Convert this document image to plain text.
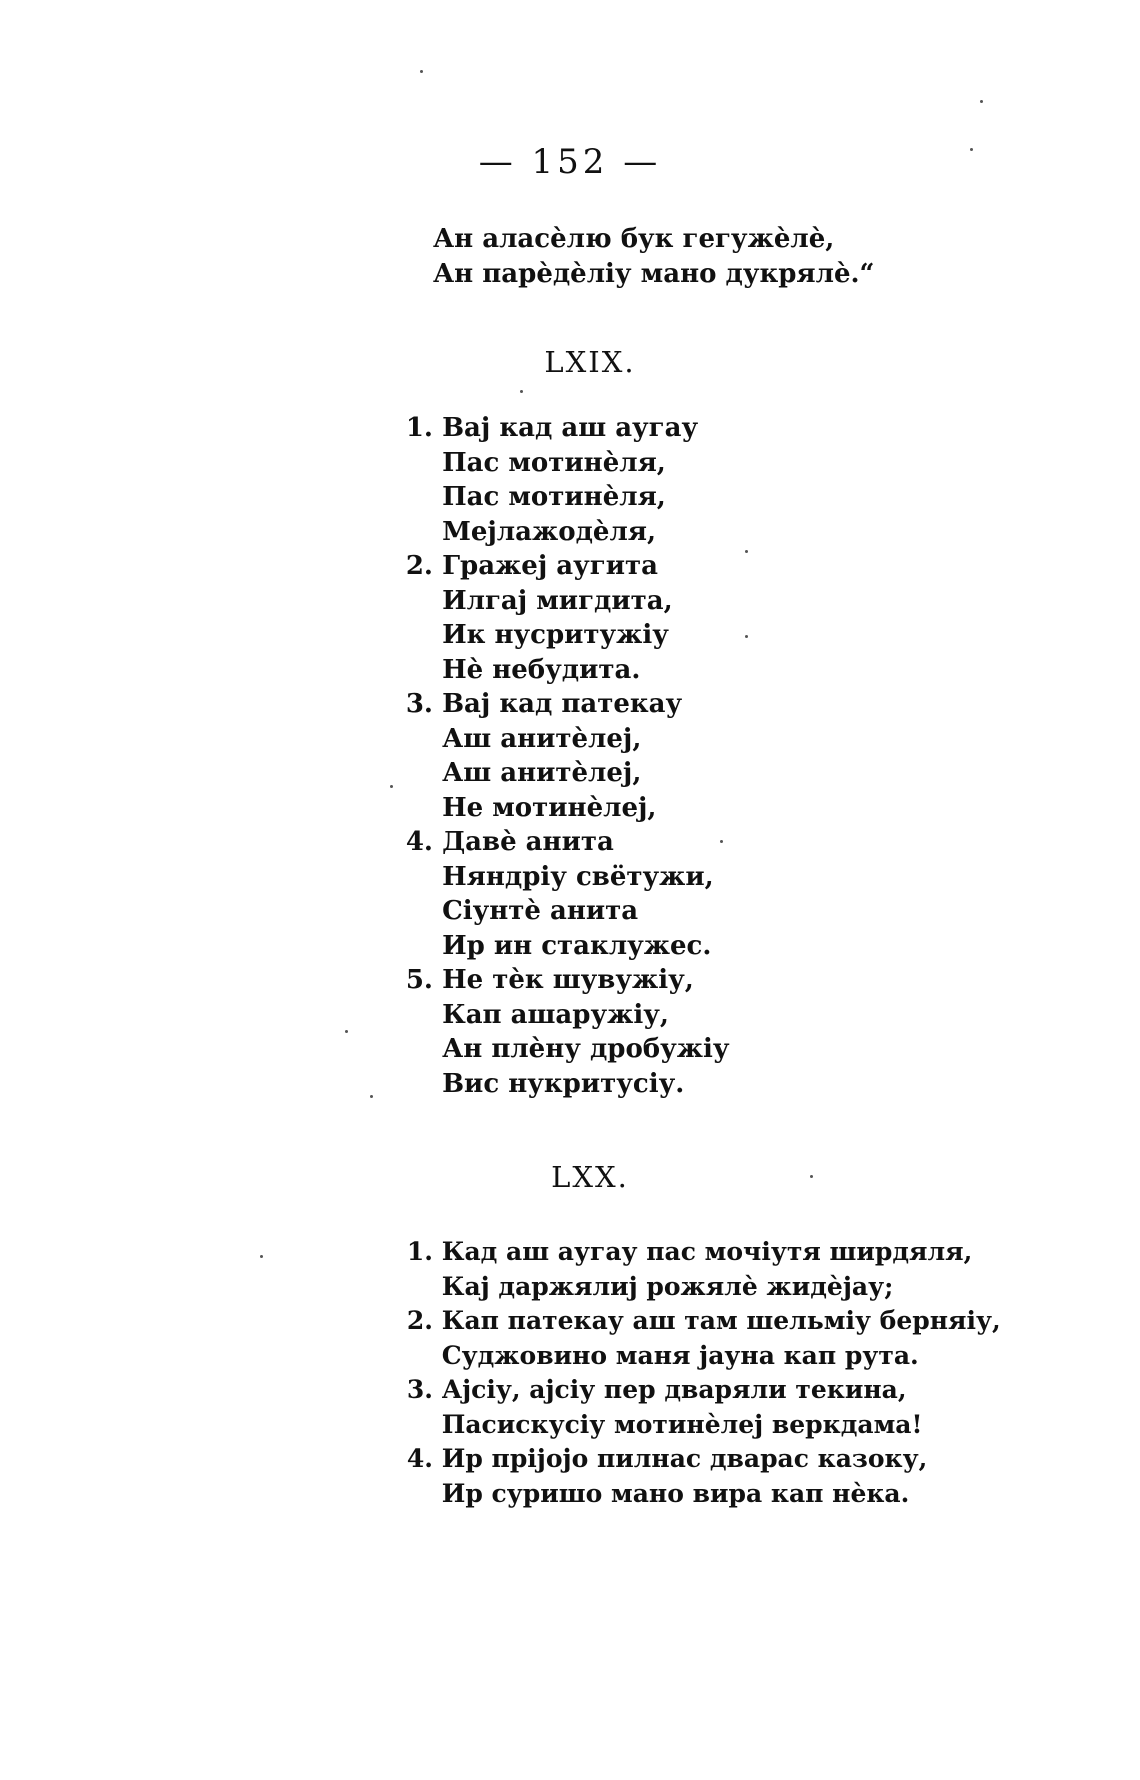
— 152 —
Ан аласѐлю бук гегужѐлѐ,
Ан парѐдѐлiу мано дукрялѐ.“
LXIX.
1. Вај кад аш аугау
Пас мотинѐля,
Пас мотинѐля,
Мејлажодѐля,
2. Гражеј аугита
Илгај мигдита,
Ик нусритужiу
Нѐ небудита.
3. Вај кад патекау
Аш анитѐлеј,
Аш анитѐлеј,
Не мотинѐлеј,
4. Давѐ анита
Няндрiу свётужи,
Сiунтѐ анита
Ир ин стаклужес.
5. Не тѐк шувужiу,
Кап ашаружiу,
Ан плѐну дробужiу
Вис нукритусiу.
LXX.
1. Кад аш аугау пас мочiутя ширдяля,
Кај даржялиј рожялѐ жидѐјау;
2. Кап патекау аш там шельмiу берняiу,
Суджовино маня јауна кап рута.
3. Ајсiу, ајсiу пер двaряли текина,
Пасискусiу мотинѐлеј веркдама!
4. Ир прijојо пилнас дварас казоку,
Ир суришо мано вира кап нѐка.
